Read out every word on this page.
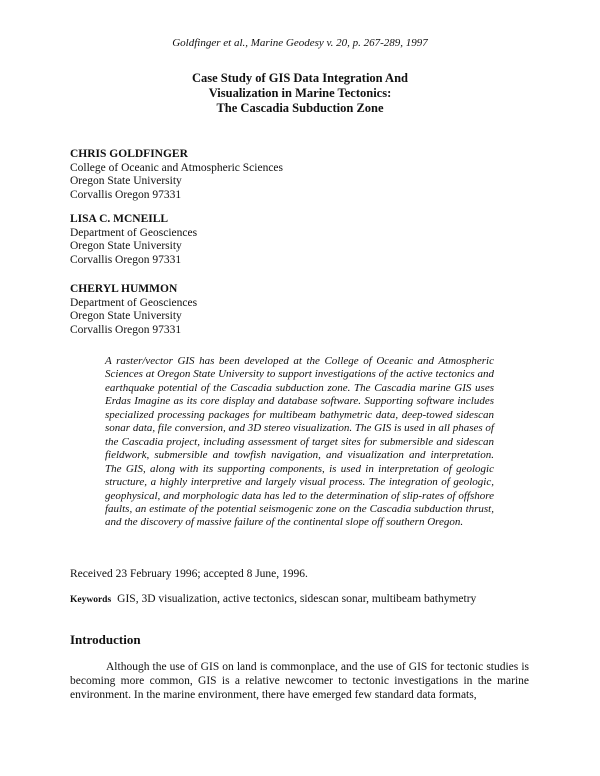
Goldfinger et al., Marine Geodesy v. 20, p. 267-289, 1997
Case Study of GIS Data Integration And
Visualization in Marine Tectonics:
The Cascadia Subduction Zone
CHRIS GOLDFINGER
College of Oceanic and Atmospheric Sciences
Oregon State University
Corvallis Oregon 97331
LISA C. MCNEILL
Department of Geosciences
Oregon State University
Corvallis Oregon 97331
CHERYL HUMMON
Department of Geosciences
Oregon State University
Corvallis Oregon 97331
A raster/vector GIS has been developed at the College of Oceanic and Atmospheric Sciences at Oregon State University to support investigations of the active tectonics and earthquake potential of the Cascadia subduction zone. The Cascadia marine GIS uses Erdas Imagine as its core display and database software. Supporting software includes specialized processing packages for multibeam bathymetric data, deep-towed sidescan sonar data, file conversion, and 3D stereo visualization. The GIS is used in all phases of the Cascadia project, including assessment of target sites for submersible and sidescan fieldwork, submersible and towfish navigation, and visualization and interpretation. The GIS, along with its supporting components, is used in interpretation of geologic structure, a highly interpretive and largely visual process. The integration of geologic, geophysical, and morphologic data has led to the determination of slip-rates of offshore faults, an estimate of the potential seismogenic zone on the Cascadia subduction thrust, and the discovery of massive failure of the continental slope off southern Oregon.
Received 23 February 1996; accepted 8 June, 1996.
Keywords GIS, 3D visualization, active tectonics, sidescan sonar, multibeam bathymetry
Introduction
Although the use of GIS on land is commonplace, and the use of GIS for tectonic studies is becoming more common, GIS is a relative newcomer to tectonic investigations in the marine environment. In the marine environment, there have emerged few standard data formats,
